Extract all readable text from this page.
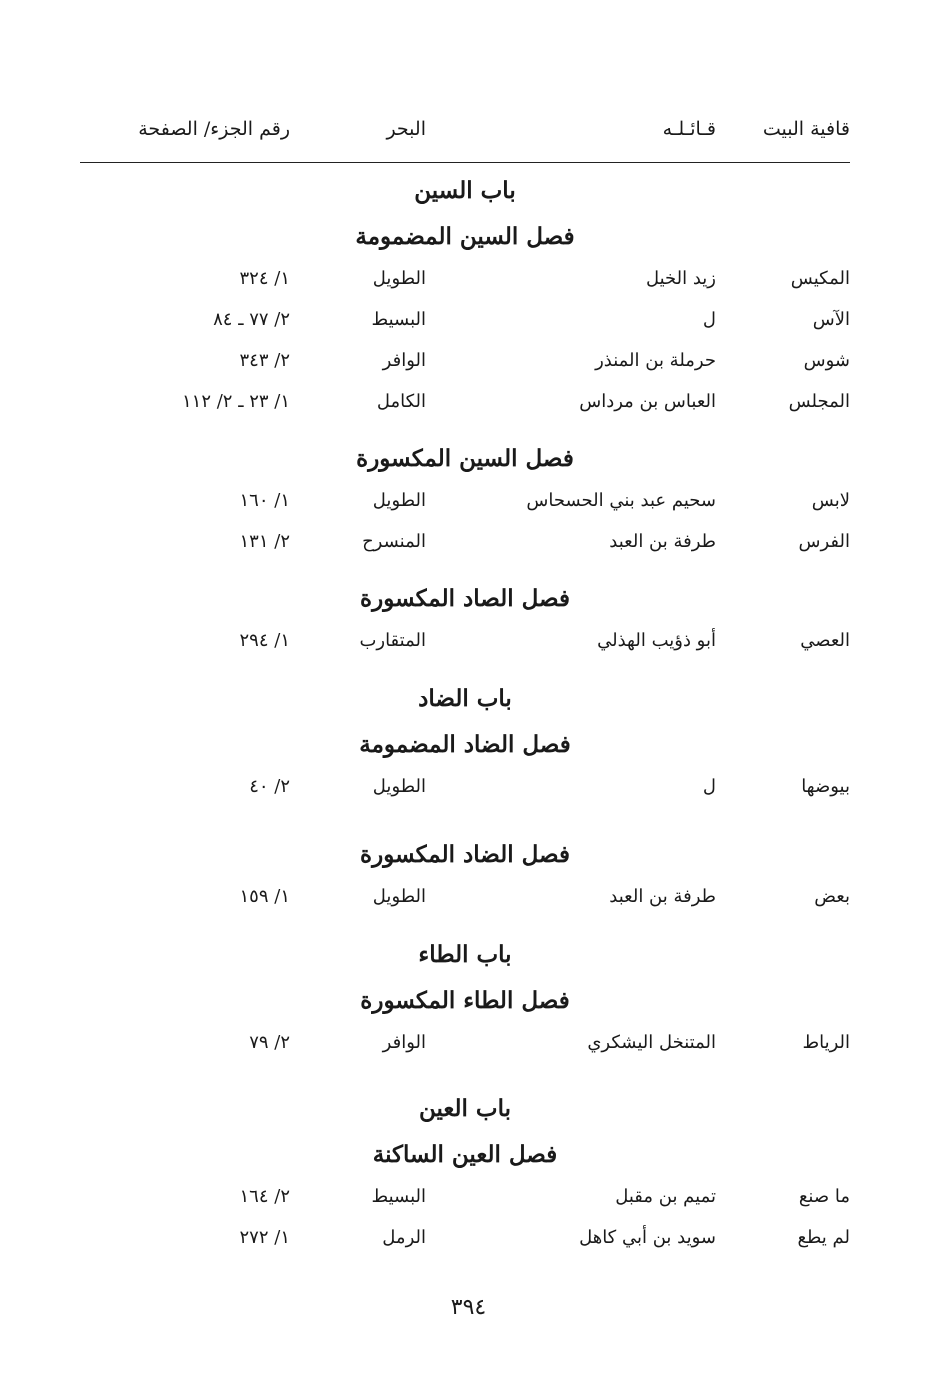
قافية البيت
قـائـلـه
البحر
رقم الجزء/ الصفحة
باب السين
فصل السين المضمومة
المكيس
زيد الخيل
الطويل
١/ ٣٢٤
الآس
ل
البسيط
٢/ ٧٧ ـ ٨٤
شوس
حرملة بن المنذر
الوافر
٢/ ٣٤٣
المجلس
العباس بن مرداس
الكامل
١/ ٢٣ ـ ٢/ ١١٢
فصل السين المكسورة
لابس
سحيم عبد بني الحسحاس
الطويل
١/ ١٦٠
الفرس
طرفة بن العبد
المنسرح
٢/ ١٣١
فصل الصاد المكسورة
العصي
أبو ذؤيب الهذلي
المتقارب
١/ ٢٩٤
باب الضاد
فصل الضاد المضمومة
بيوضها
ل
الطويل
٢/ ٤٠
فصل الضاد المكسورة
بعض
طرفة بن العبد
الطويل
١/ ١٥٩
باب الطاء
فصل الطاء المكسورة
الرياط
المتنخل اليشكري
الوافر
٢/ ٧٩
باب العين
فصل العين الساكنة
ما صنع
تميم بن مقبل
البسيط
٢/ ١٦٤
لم يطع
سويد بن أبي كاهل
الرمل
١/ ٢٧٢
٣٩٤
